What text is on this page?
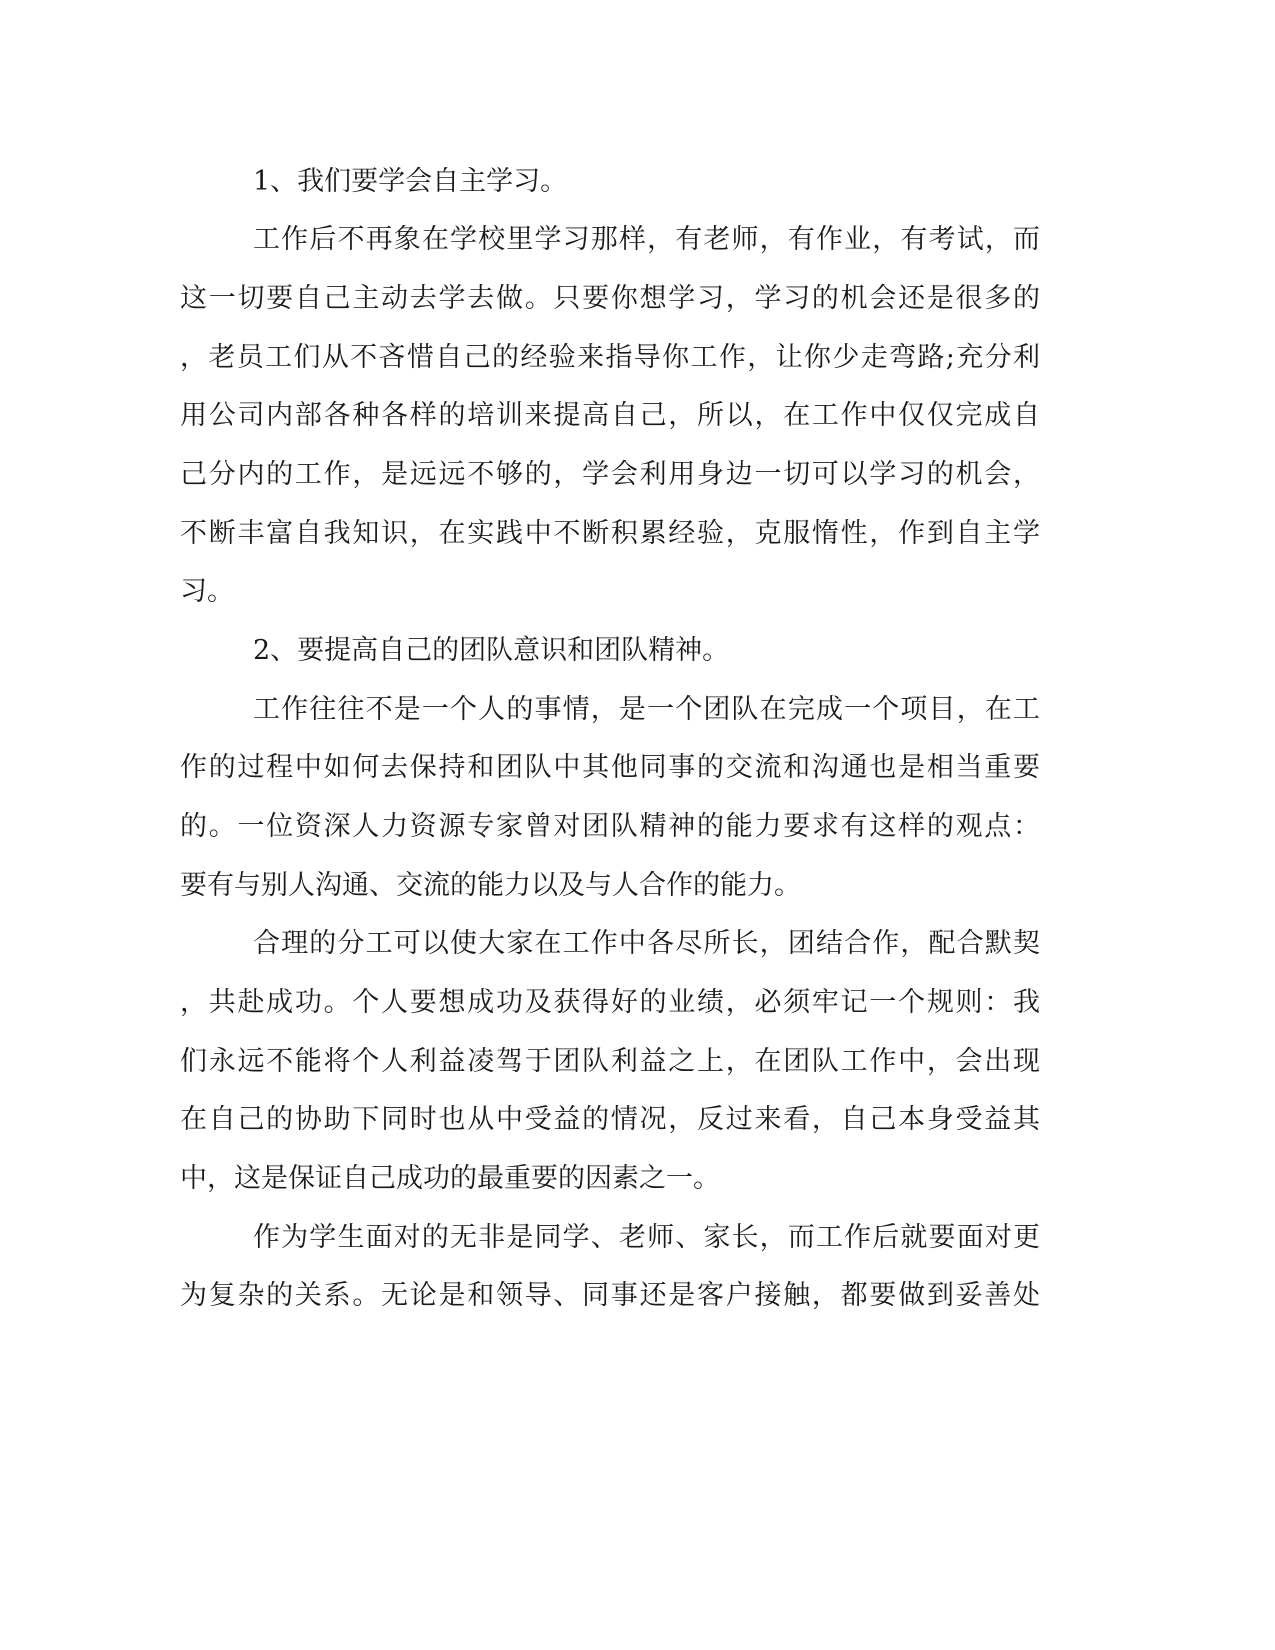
1、我们要学会自主学习。
工作后不再象在学校里学习那样，有老师，有作业，有考试，而
这一切要自己主动去学去做。只要你想学习，学习的机会还是很多的
，老员工们从不吝惜自己的经验来指导你工作，让你少走弯路;充分利
用公司内部各种各样的培训来提高自己，所以，在工作中仅仅完成自
己分内的工作，是远远不够的，学会利用身边一切可以学习的机会，
不断丰富自我知识，在实践中不断积累经验，克服惰性，作到自主学
习。
2、要提高自己的团队意识和团队精神。
工作往往不是一个人的事情，是一个团队在完成一个项目，在工
作的过程中如何去保持和团队中其他同事的交流和沟通也是相当重要
的。一位资深人力资源专家曾对团队精神的能力要求有这样的观点：
要有与别人沟通、交流的能力以及与人合作的能力。
合理的分工可以使大家在工作中各尽所长，团结合作，配合默契
，共赴成功。个人要想成功及获得好的业绩，必须牢记一个规则：我
们永远不能将个人利益凌驾于团队利益之上，在团队工作中，会出现
在自己的协助下同时也从中受益的情况，反过来看，自己本身受益其
中，这是保证自己成功的最重要的因素之一。
作为学生面对的无非是同学、老师、家长，而工作后就要面对更
为复杂的关系。无论是和领导、同事还是客户接触，都要做到妥善处
